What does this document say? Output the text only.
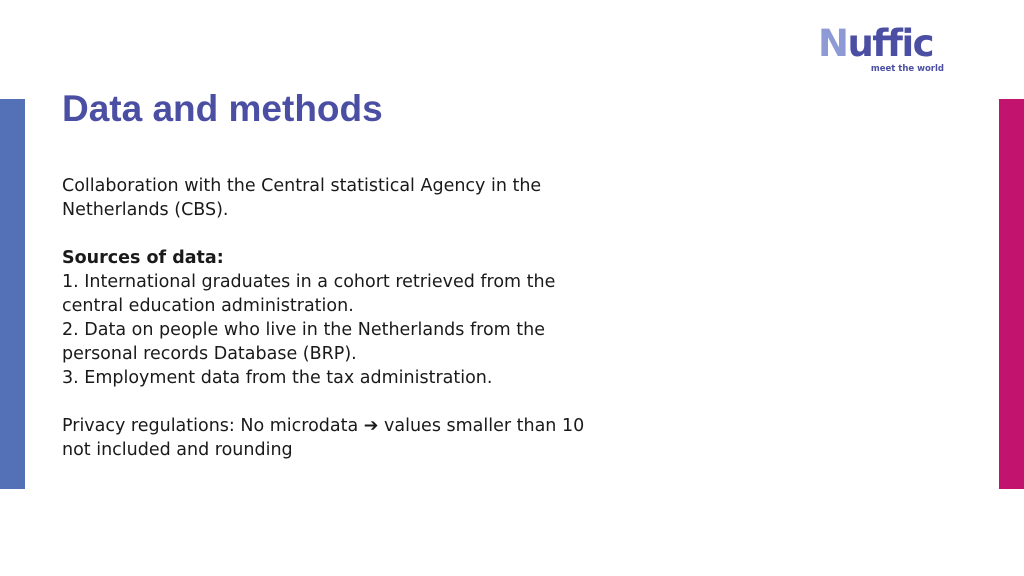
Nuffic
meet the world
Data and methods

Collaboration with the Central statistical Agency in the

Netherlands (CBS).

Sources of data:

1. International graduates in a cohort retrieved from the

central education administration.

2. Data on people who live in the Netherlands from the

personal records Database (BRP).

3. Employment data from the tax administration.

Privacy regulations: No microdata ➔ values smaller than 10

not included and rounding
